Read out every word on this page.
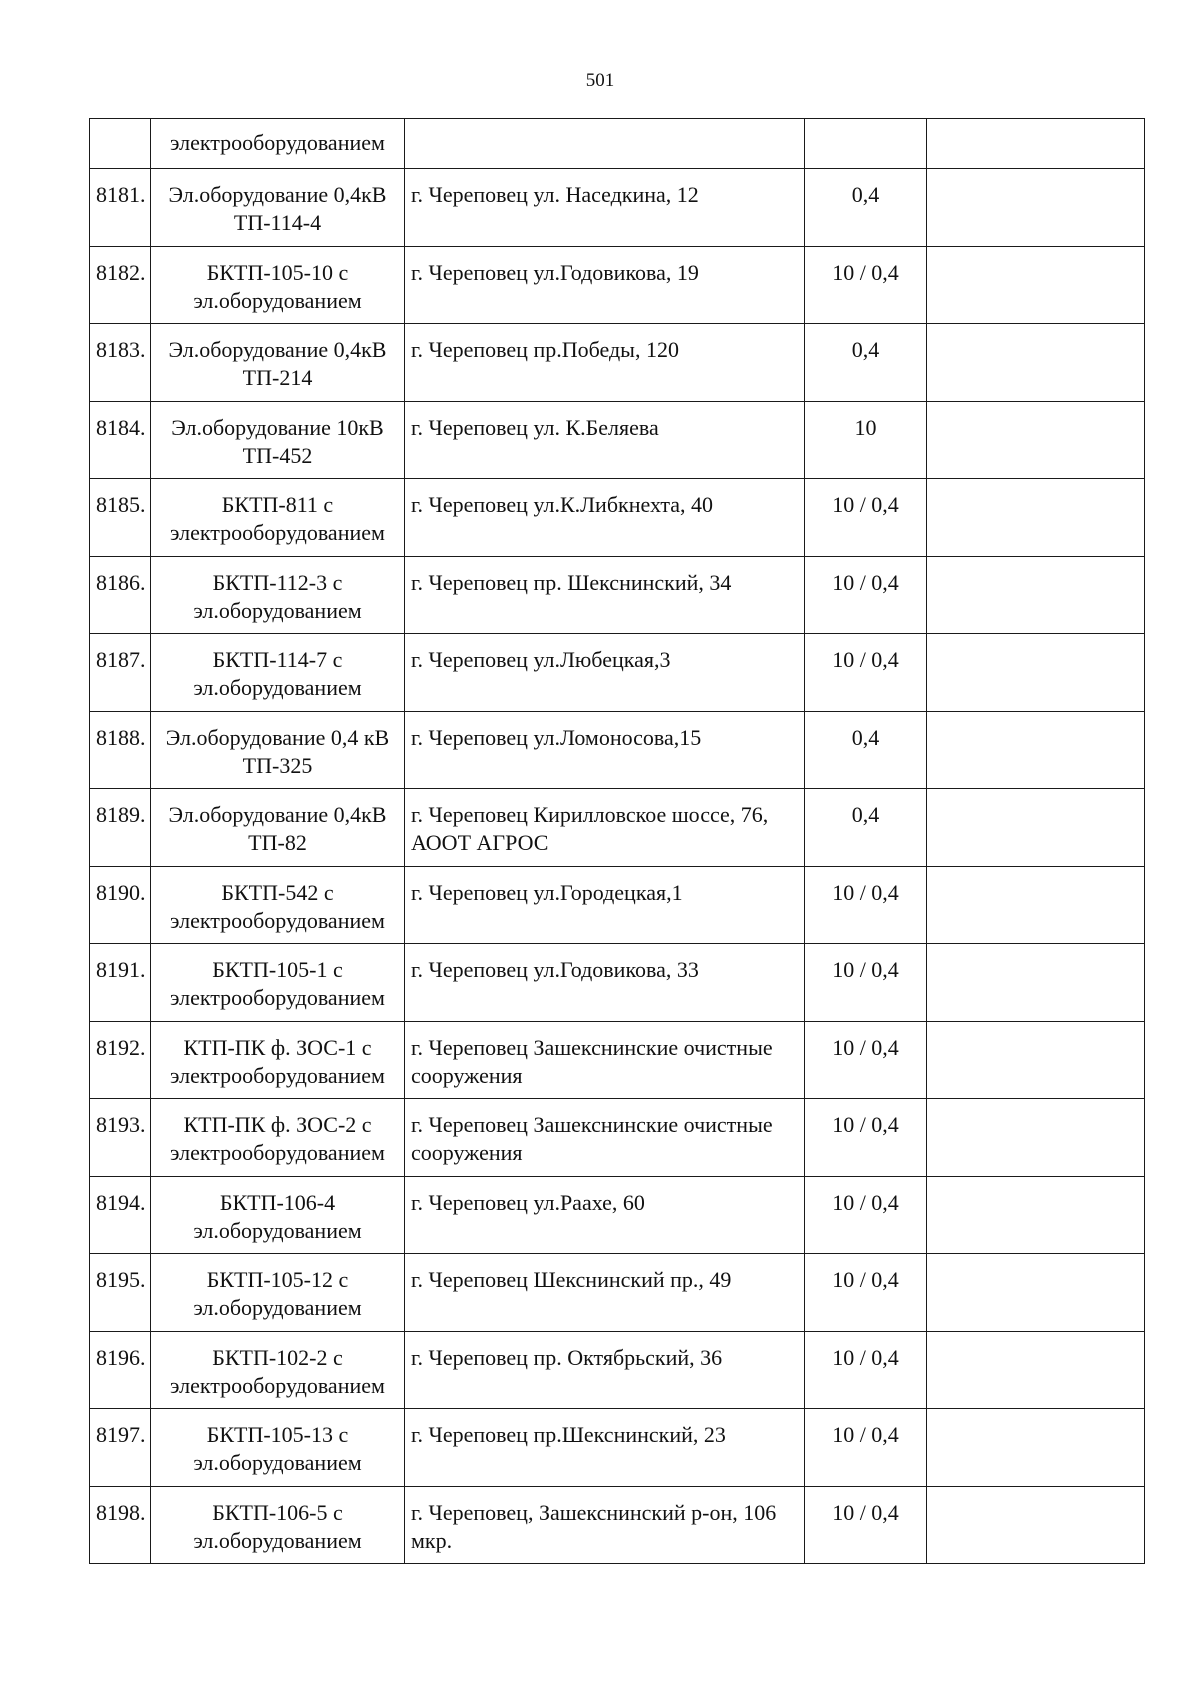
501
	электрооборудованием			
8181.	Эл.оборудование 0,4кВ ТП-114-4	г. Череповец ул. Наседкина, 12	0,4	
8182.	БКТП-105-10 с эл.оборудованием	г. Череповец ул.Годовикова, 19	10 / 0,4	
8183.	Эл.оборудование 0,4кВ ТП-214	г. Череповец пр.Победы, 120	0,4	
8184.	Эл.оборудование 10кВ ТП-452	г. Череповец ул. К.Беляева	10	
8185.	БКТП-811 с электрооборудованием	г. Череповец ул.К.Либкнехта, 40	10 / 0,4	
8186.	БКТП-112-3 с эл.оборудованием	г. Череповец пр. Шекснинский, 34	10 / 0,4	
8187.	БКТП-114-7 с эл.оборудованием	г. Череповец ул.Любецкая,3	10 / 0,4	
8188.	Эл.оборудование 0,4 кВ ТП-325	г. Череповец ул.Ломоносова,15	0,4	
8189.	Эл.оборудование 0,4кВ ТП-82	г. Череповец Кирилловское шоссе, 76, АООТ АГРОС	0,4	
8190.	БКТП-542 с электрооборудованием	г. Череповец ул.Городецкая,1	10 / 0,4	
8191.	БКТП-105-1 с электрооборудованием	г. Череповец ул.Годовикова, 33	10 / 0,4	
8192.	КТП-ПК ф. ЗОС-1 с электрооборудованием	г. Череповец Зашекснинские очистные сооружения	10 / 0,4	
8193.	КТП-ПК ф. ЗОС-2 с электрооборудованием	г. Череповец Зашекснинские очистные сооружения	10 / 0,4	
8194.	БКТП-106-4 эл.оборудованием	г. Череповец ул.Раахе, 60	10 / 0,4	
8195.	БКТП-105-12 с эл.оборудованием	г. Череповец Шекснинский пр., 49	10 / 0,4	
8196.	БКТП-102-2 с электрооборудованием	г. Череповец пр. Октябрьский, 36	10 / 0,4	
8197.	БКТП-105-13 с эл.оборудованием	г. Череповец пр.Шекснинский, 23	10 / 0,4	
8198.	БКТП-106-5 с эл.оборудованием	г. Череповец, Зашекснинский р-он, 106 мкр.	10 / 0,4	
